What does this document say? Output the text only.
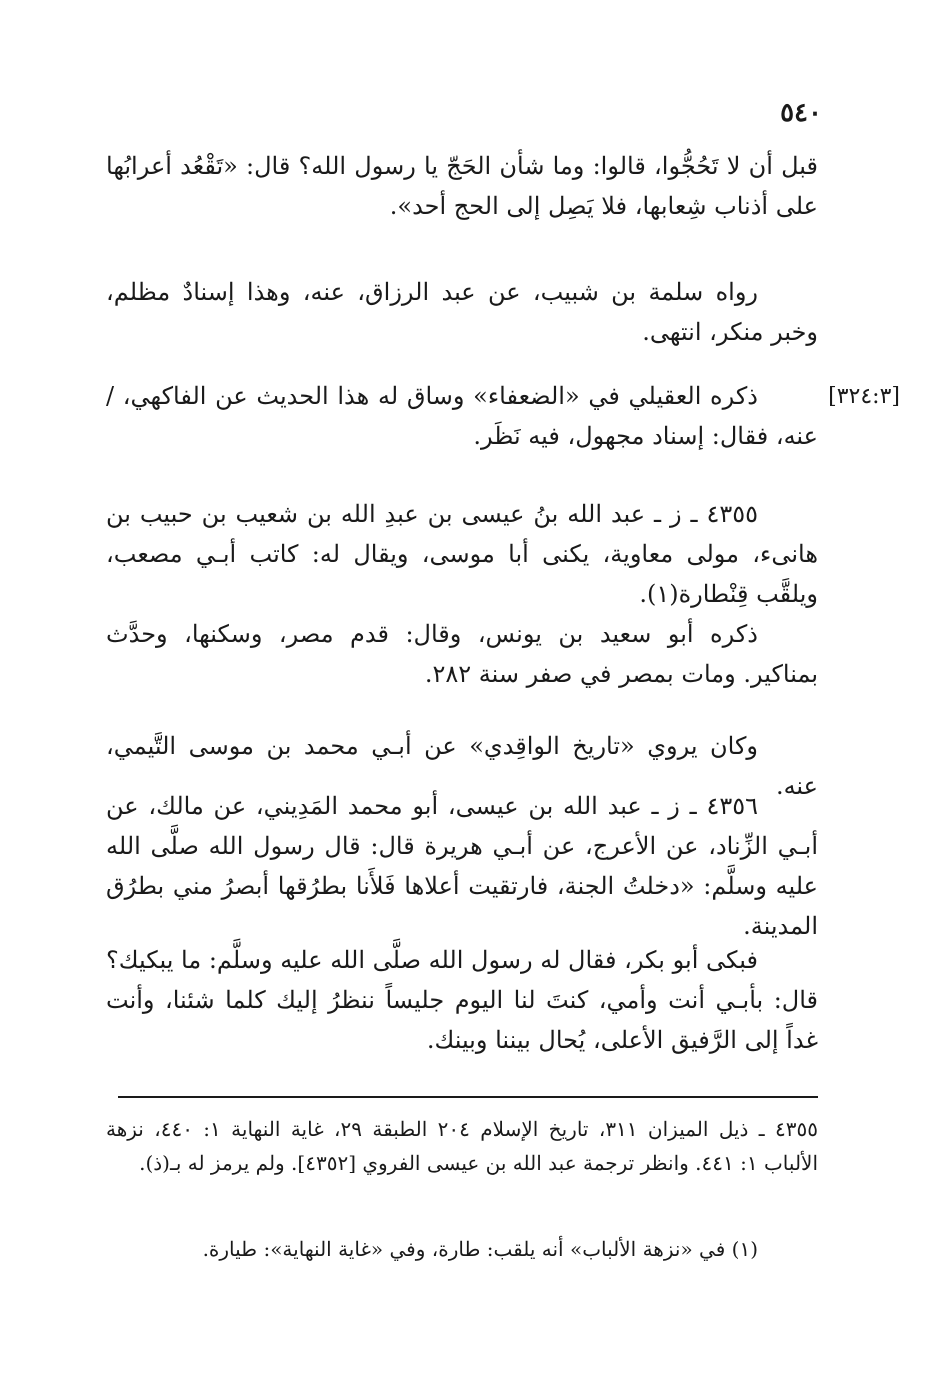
٥٤٠
[٣٢٤:٣]

قبل أن لا تَحُجُّوا، قالوا: وما شأن الحَجّ يا رسول الله؟ قال: «تَقْعُد أعرابُها على أذناب شِعابها، فلا يَصِل إلى الحج أحد».

رواه سلمة بن شبيب، عن عبد الرزاق، عنه، وهذا إسنادٌ مظلم، وخبر منكر، انتهى.

ذكره العقيلي في «الضعفاء» وساق له هذا الحديث عن الفاكهي، / عنه، فقال: إسناد مجهول، فيه نَظَر.

٤٣٥٥ ـ ز ـ عبد الله بنُ عيسى بن عبدِ الله بن شعيب بن حبيب بن هانىء، مولى معاوية، يكنى أبا موسى، ويقال له: كاتب أبـي مصعب، ويلقَّب قِنْطارة(١).

ذكره أبو سعيد بن يونس، وقال: قدم مصر، وسكنها، وحدَّث بمناكير. ومات بمصر في صفر سنة ٢٨٢.

وكان يروي «تاريخ الواقِدي» عن أبـي محمد بن موسى التَّيمي، عنه.

٤٣٥٦ ـ ز ـ عبد الله بن عيسى، أبو محمد المَدِيني، عن مالك، عن أبـي الزِّناد، عن الأعرج، عن أبـي هريرة قال: قال رسول الله صلَّى الله عليه وسلَّم: «دخلتُ الجنة، فارتقيت أعلاها فَلأَنا بطرُقها أبصرُ مني بطرُق المدينة.

فبكى أبو بكر، فقال له رسول الله صلَّى الله عليه وسلَّم: ما يبكيك؟ قال: بأبـي أنت وأمي، كنتَ لنا اليوم جليساً ننظرُ إليك كلما شئنا، وأنت غداً إلى الرَّفيق الأعلى، يُحال بيننا وبينك.

٤٣٥٥ ـ ذيل الميزان ٣١١، تاريخ الإسلام ٢٠٤ الطبقة ٢٩، غاية النهاية ١: ٤٤٠، نزهة الألباب ١: ٤٤١. وانظر ترجمة عبد الله بن عيسى الفروي [٤٣٥٢]. ولم يرمز له بـ(ذ).

(١) في «نزهة الألباب» أنه يلقب: طارة، وفي «غاية النهاية»: طيارة.
